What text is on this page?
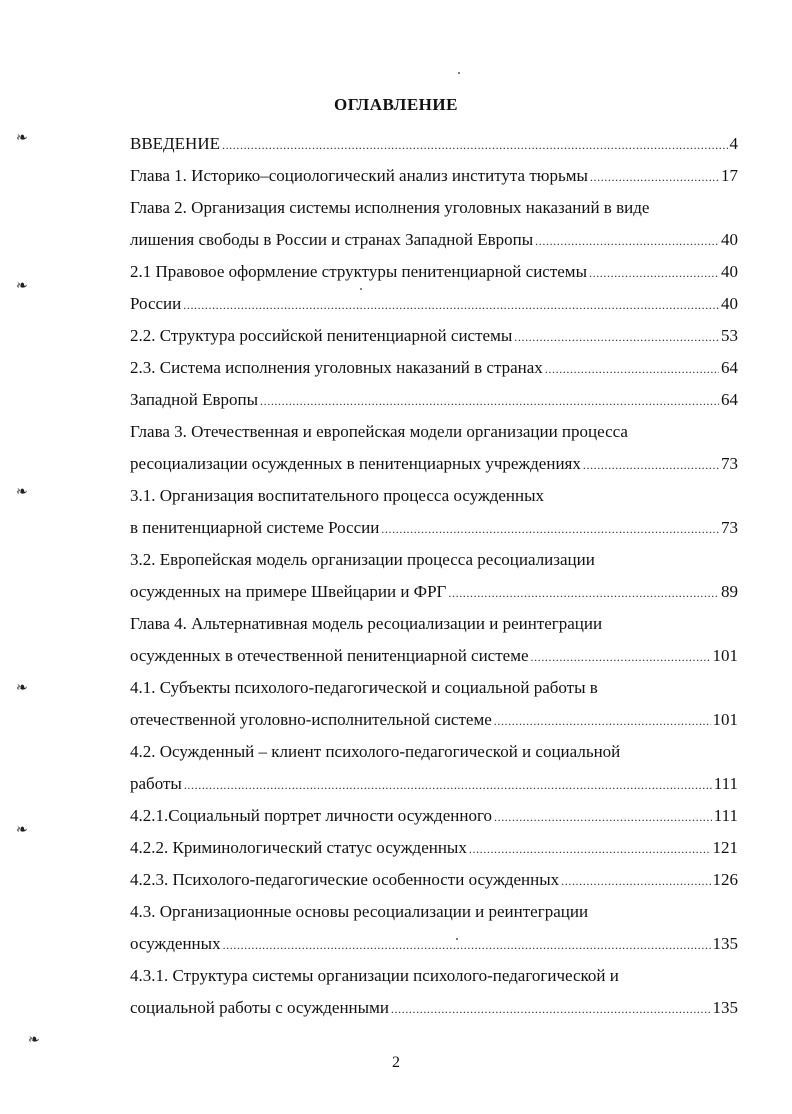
ОГЛАВЛЕНИЕ
ВВЕДЕНИЕ .....	4
Глава 1. Историко–социологический анализ института тюрьмы .....	17
Глава 2. Организация системы исполнения уголовных наказаний в виде
лишения свободы в России и странах Западной Европы .....	40
2.1 Правовое оформление структуры пенитенциарной системы .....	40
России .....	40
2.2. Структура российской пенитенциарной системы .....	53
2.3. Система исполнения уголовных наказаний в странах .....	64
Западной Европы .....	64
Глава 3. Отечественная и европейская модели организации процесса
ресоциализации осужденных в пенитенциарных учреждениях .....	73
3.1. Организация воспитательного процесса осужденных
в пенитенциарной системе России .....	73
3.2. Европейская модель организации процесса ресоциализации
осужденных на примере Швейцарии и ФРГ .....	89
Глава 4. Альтернативная модель ресоциализации и реинтеграции
осужденных в отечественной пенитенциарной системе .....	101
4.1. Субъекты психолого-педагогической и социальной работы в
отечественной уголовно-исполнительной системе .....	101
4.2. Осужденный – клиент психолого-педагогической и социальной
работы .....	111
4.2.1.Социальный портрет личности осужденного .....	111
4.2.2. Криминологический статус осужденных .....	121
4.2.3. Психолого-педагогические особенности осужденных .....	126
4.3. Организационные основы ресоциализации и реинтеграции
осужденных .....	135
4.3.1. Структура системы организации психолого-педагогической и
социальной работы с осужденными .....	135
2
❧
❧
❧
❧
❧
❧
